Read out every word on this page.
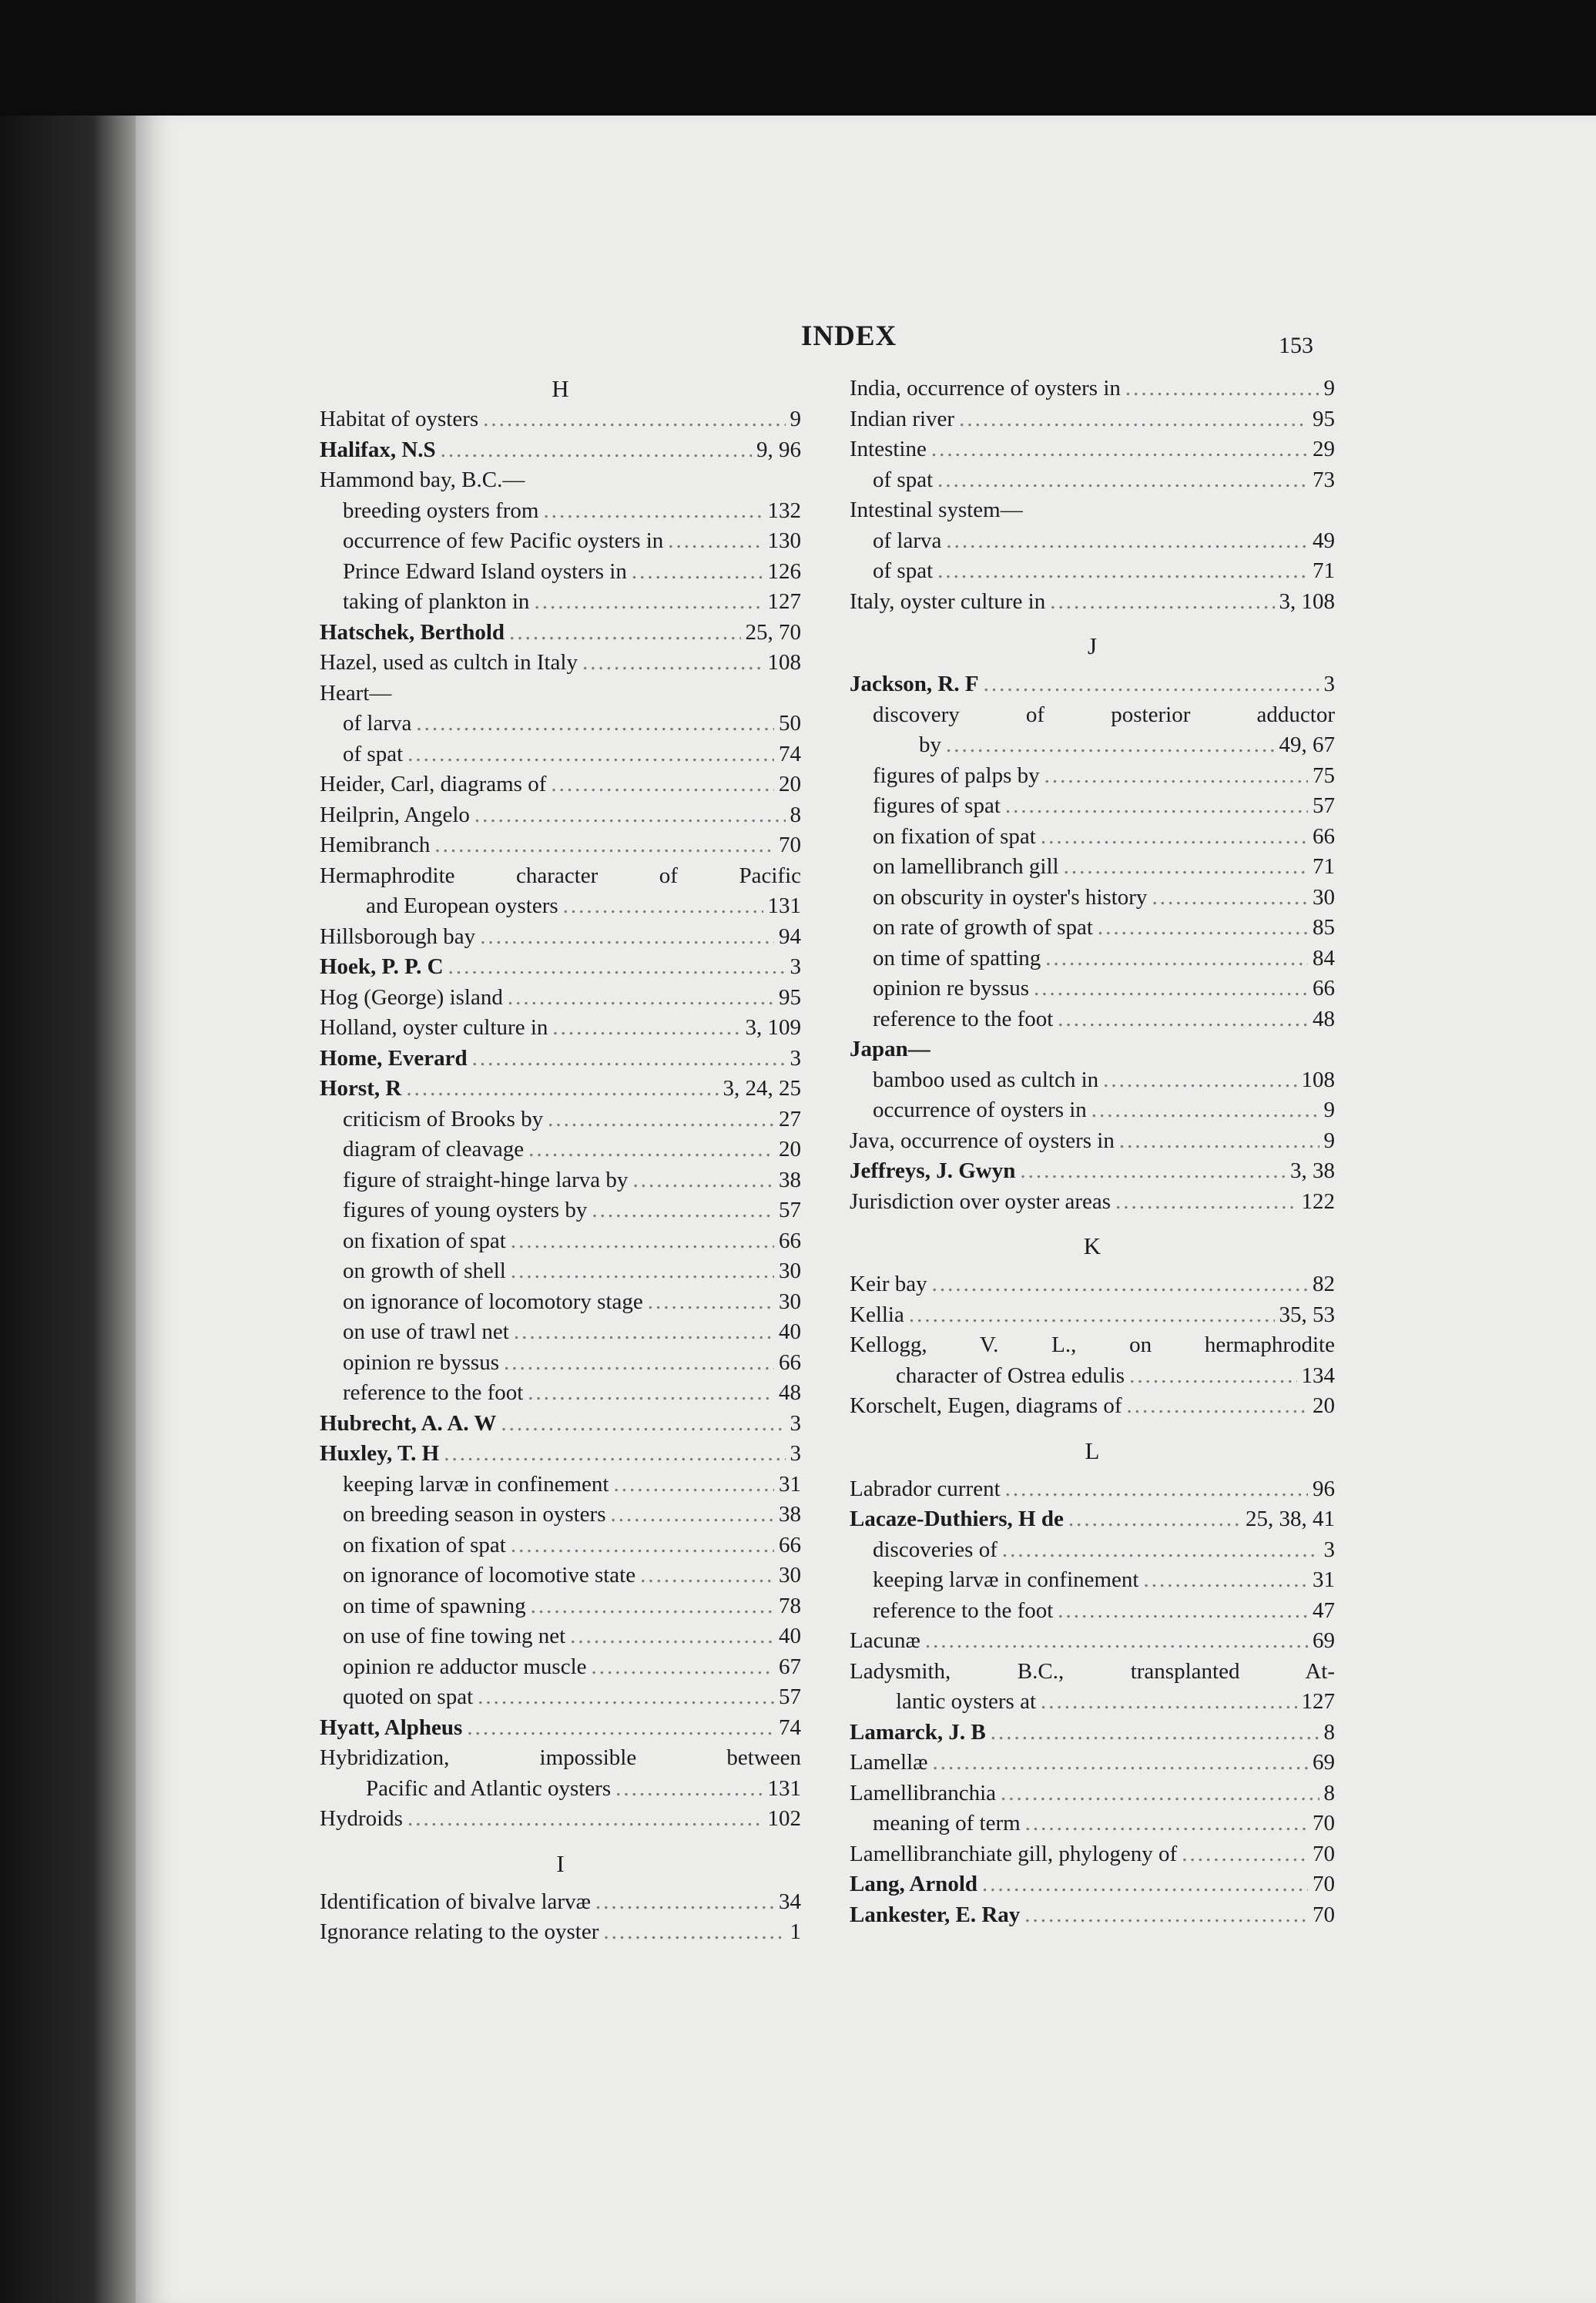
INDEX	153
H
Habitat of oysters .....	9
Halifax, N.S .....	9, 96
Hammond bay, B.C.—
breeding oysters from .....	132
occurrence of few Pacific oysters in .....	130
Prince Edward Island oysters in .....	126
taking of plankton in .....	127
Hatschek, Berthold .....	25, 70
Hazel, used as cultch in Italy .....	108
Heart—
of larva .....	50
of spat .....	74
Heider, Carl, diagrams of .....	20
Heilprin, Angelo .....	8
Hemibranch .....	70
Hermaphrodite character of Pacific
and European oysters .....	131
Hillsborough bay .....	94
Hoek, P. P. C .....	3
Hog (George) island .....	95
Holland, oyster culture in .....	3, 109
Home, Everard .....	3
Horst, R .....	3, 24, 25
criticism of Brooks by .....	27
diagram of cleavage .....	20
figure of straight-hinge larva by .....	38
figures of young oysters by .....	57
on fixation of spat .....	66
on growth of shell .....	30
on ignorance of locomotory stage .....	30
on use of trawl net .....	40
opinion re byssus .....	66
reference to the foot .....	48
Hubrecht, A. A. W .....	3
Huxley, T. H .....	3
keeping larvæ in confinement .....	31
on breeding season in oysters .....	38
on fixation of spat .....	66
on ignorance of locomotive state .....	30
on time of spawning .....	78
on use of fine towing net .....	40
opinion re adductor muscle .....	67
quoted on spat .....	57
Hyatt, Alpheus .....	74
Hybridization, impossible between
Pacific and Atlantic oysters .....	131
Hydroids .....	102
I
Identification of bivalve larvæ .....	34
Ignorance relating to the oyster .....	1
India, occurrence of oysters in .....	9
Indian river .....	95
Intestine .....	29
of spat .....	73
Intestinal system—
of larva .....	49
of spat .....	71
Italy, oyster culture in .....	3, 108
J
Jackson, R. F .....	3
discovery of posterior adductor
by .....	49, 67
figures of palps by .....	75
figures of spat .....	57
on fixation of spat .....	66
on lamellibranch gill .....	71
on obscurity in oyster's history .....	30
on rate of growth of spat .....	85
on time of spatting .....	84
opinion re byssus .....	66
reference to the foot .....	48
Japan—
bamboo used as cultch in .....	108
occurrence of oysters in .....	9
Java, occurrence of oysters in .....	9
Jeffreys, J. Gwyn .....	3, 38
Jurisdiction over oyster areas .....	122
K
Keir bay .....	82
Kellia .....	35, 53
Kellogg, V. L., on hermaphrodite
character of Ostrea edulis .....	134
Korschelt, Eugen, diagrams of .....	20
L
Labrador current .....	96
Lacaze-Duthiers, H de .....	25, 38, 41
discoveries of .....	3
keeping larvæ in confinement .....	31
reference to the foot .....	47
Lacunæ .....	69
Ladysmith, B.C., transplanted At-
lantic oysters at .....	127
Lamarck, J. B .....	8
Lamellæ .....	69
Lamellibranchia .....	8
meaning of term .....	70
Lamellibranchiate gill, phylogeny of .....	70
Lang, Arnold .....	70
Lankester, E. Ray .....	70
